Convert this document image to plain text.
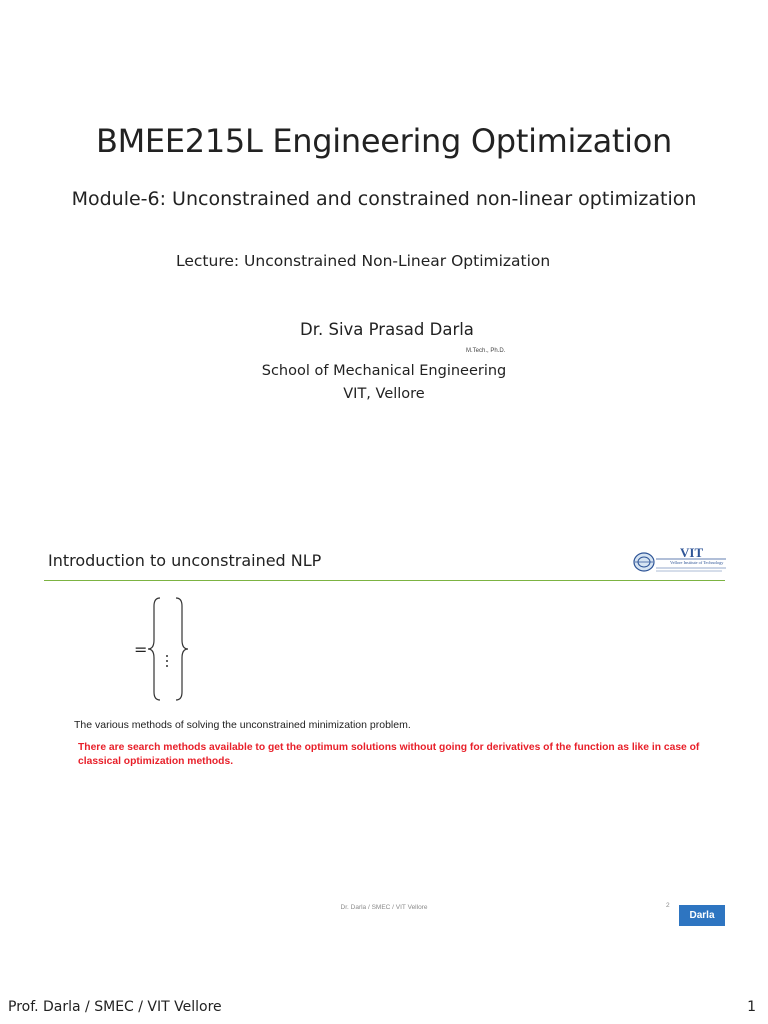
BMEE215L Engineering Optimization
Module-6: Unconstrained and constrained non-linear optimization
Lecture: Unconstrained Non-Linear Optimization
Dr. Siva Prasad Darla
M.Tech., Ph.D.
School of Mechanical Engineering
VIT, Vellore
Introduction to unconstrained NLP	VIT
Vellore Institute of Technology
=
The various methods of solving the unconstrained minimization problem.
There are search methods available to get the optimum solutions without going for derivatives of the function as like in case of classical optimization methods.
Dr. Darla / SMEC / VIT Vellore	2
Darla
Prof. Darla / SMEC / VIT Vellore	1
